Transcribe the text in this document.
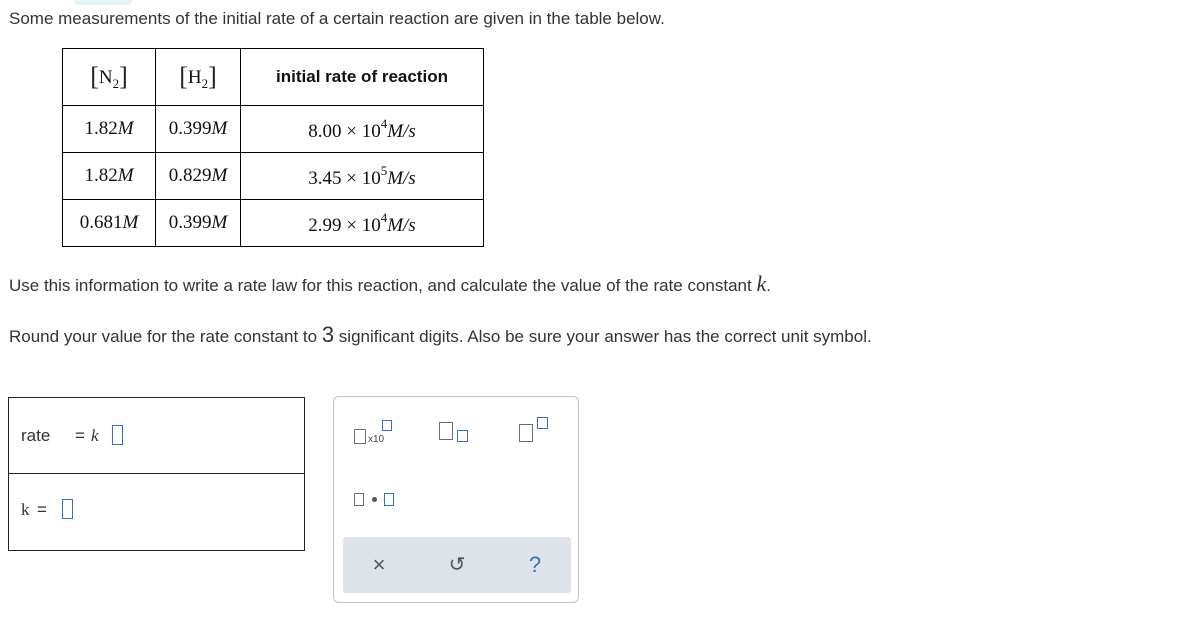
Some measurements of the initial rate of a certain reaction are given in the table below.
$[N_2]$	$[H_2]$	initial rate of reaction
1.82M	0.399M	$8.00 \times 10^4M/s$
1.82M	0.829M	$3.45 \times 10^5M/s$
0.681M	0.399M	$2.99 \times 10^4M/s$
Use this information to write a rate law for this reaction, and calculate the value of the rate constant k.
Round your value for the rate constant to 3 significant digits. Also be sure your answer has the correct unit symbol.
rate = k
k =
x10
×	↺	?
